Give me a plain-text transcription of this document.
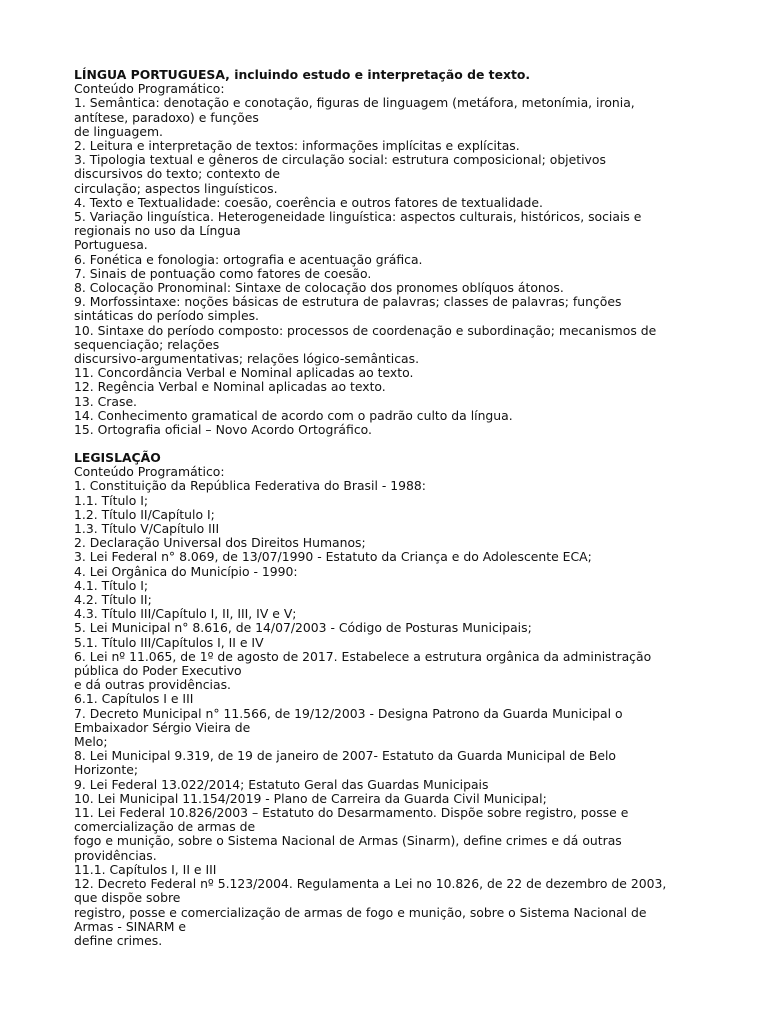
LÍNGUA PORTUGUESA, incluindo estudo e interpretação de texto.
Conteúdo Programático:
1. Semântica: denotação e conotação, figuras de linguagem (metáfora, metonímia, ironia,
antítese, paradoxo) e funções
de linguagem.
2. Leitura e interpretação de textos: informações implícitas e explícitas.
3. Tipologia textual e gêneros de circulação social: estrutura composicional; objetivos
discursivos do texto; contexto de
circulação; aspectos linguísticos.
4. Texto e Textualidade: coesão, coerência e outros fatores de textualidade.
5. Variação linguística. Heterogeneidade linguística: aspectos culturais, históricos, sociais e
regionais no uso da Língua
Portuguesa.
6. Fonética e fonologia: ortografia e acentuação gráfica.
7. Sinais de pontuação como fatores de coesão.
8. Colocação Pronominal: Sintaxe de colocação dos pronomes oblíquos átonos.
9. Morfossintaxe: noções básicas de estrutura de palavras; classes de palavras; funções
sintáticas do período simples.
10. Sintaxe do período composto: processos de coordenação e subordinação; mecanismos de
sequenciação; relações
discursivo-argumentativas; relações lógico-semânticas.
11. Concordância Verbal e Nominal aplicadas ao texto.
12. Regência Verbal e Nominal aplicadas ao texto.
13. Crase.
14. Conhecimento gramatical de acordo com o padrão culto da língua.
15. Ortografia oficial – Novo Acordo Ortográfico.
LEGISLAÇÃO
Conteúdo Programático:
1. Constituição da República Federativa do Brasil - 1988:
1.1. Título I;
1.2. Título II/Capítulo I;
1.3. Título V/Capítulo III
2. Declaração Universal dos Direitos Humanos;
3. Lei Federal n° 8.069, de 13/07/1990 - Estatuto da Criança e do Adolescente ECA;
4. Lei Orgânica do Município - 1990:
4.1. Título I;
4.2. Título II;
4.3. Título III/Capítulo I, II, III, IV e V;
5. Lei Municipal n° 8.616, de 14/07/2003 - Código de Posturas Municipais;
5.1. Título III/Capítulos I, II e IV
6. Lei nº 11.065, de 1º de agosto de 2017. Estabelece a estrutura orgânica da administração
pública do Poder Executivo
e dá outras providências.
6.1. Capítulos I e III
7. Decreto Municipal n° 11.566, de 19/12/2003 - Designa Patrono da Guarda Municipal o
Embaixador Sérgio Vieira de
Melo;
8. Lei Municipal 9.319, de 19 de janeiro de 2007- Estatuto da Guarda Municipal de Belo
Horizonte;
9. Lei Federal 13.022/2014; Estatuto Geral das Guardas Municipais
10. Lei Municipal 11.154/2019 - Plano de Carreira da Guarda Civil Municipal;
11. Lei Federal 10.826/2003 – Estatuto do Desarmamento. Dispõe sobre registro, posse e
comercialização de armas de
fogo e munição, sobre o Sistema Nacional de Armas (Sinarm), define crimes e dá outras
providências.
11.1. Capítulos I, II e III
12. Decreto Federal nº 5.123/2004. Regulamenta a Lei no 10.826, de 22 de dezembro de 2003,
que dispõe sobre
registro, posse e comercialização de armas de fogo e munição, sobre o Sistema Nacional de
Armas - SINARM e
define crimes.
